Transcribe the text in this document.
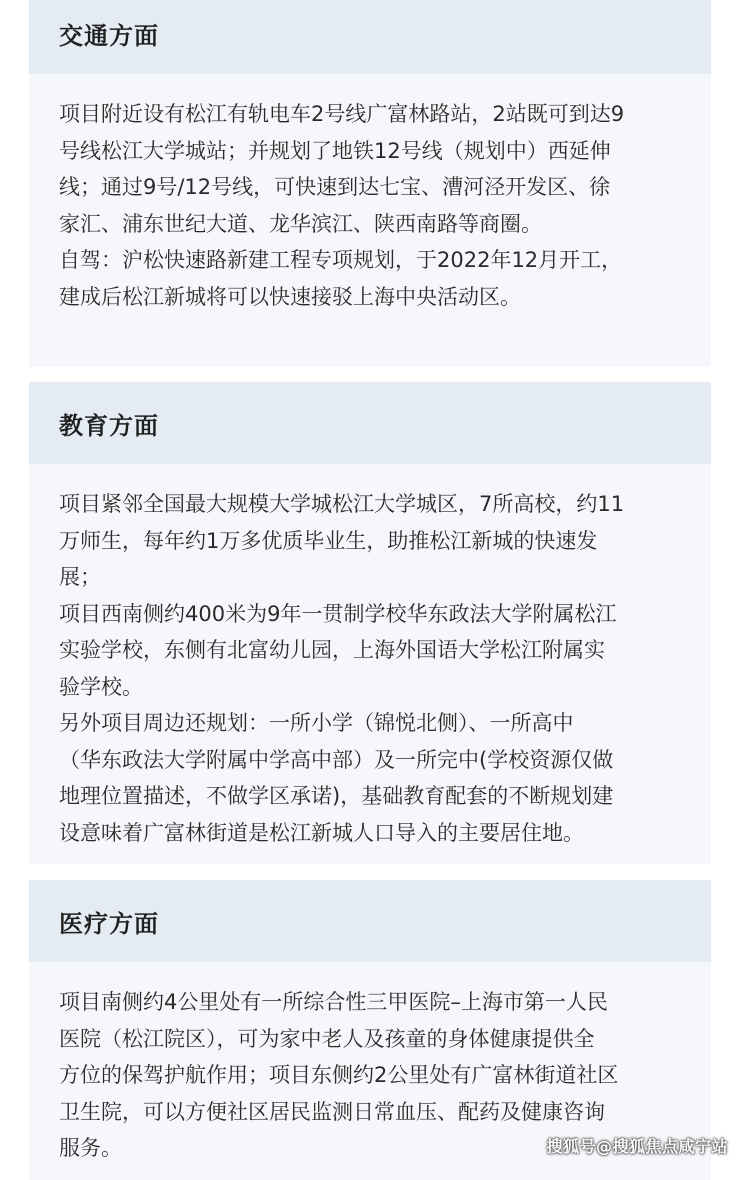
交通方面

项目附近设有松江有轨电车2号线广富林路站，2站既可到达9
号线松江大学城站；并规划了地铁12号线（规划中）西延伸
线；通过9号/12号线，可快速到达七宝、漕河泾开发区、徐
家汇、浦东世纪大道、龙华滨江、陕西南路等商圈。

自驾：沪松快速路新建工程专项规划，于2022年12月开工，
建成后松江新城将可以快速接驳上海中央活动区。

教育方面

项目紧邻全国最大规模大学城松江大学城区，7所高校，约11
万师生，每年约1万多优质毕业生，助推松江新城的快速发
展；

项目西南侧约400米为9年一贯制学校华东政法大学附属松江
实验学校，东侧有北富幼儿园，上海外国语大学松江附属实
验学校。

另外项目周边还规划：一所小学（锦悦北侧）、一所高中
（华东政法大学附属中学高中部）及一所完中(学校资源仅做
地理位置描述，不做学区承诺)，基础教育配套的不断规划建
设意味着广富林街道是松江新城人口导入的主要居住地。

医疗方面

项目南侧约4公里处有一所综合性三甲医院–上海市第一人民
医院（松江院区），可为家中老人及孩童的身体健康提供全
方位的保驾护航作用；项目东侧约2公里处有广富林街道社区
卫生院，可以方便社区居民监测日常血压、配药及健康咨询
服务。	搜狐号@搜狐焦点咸宁站
